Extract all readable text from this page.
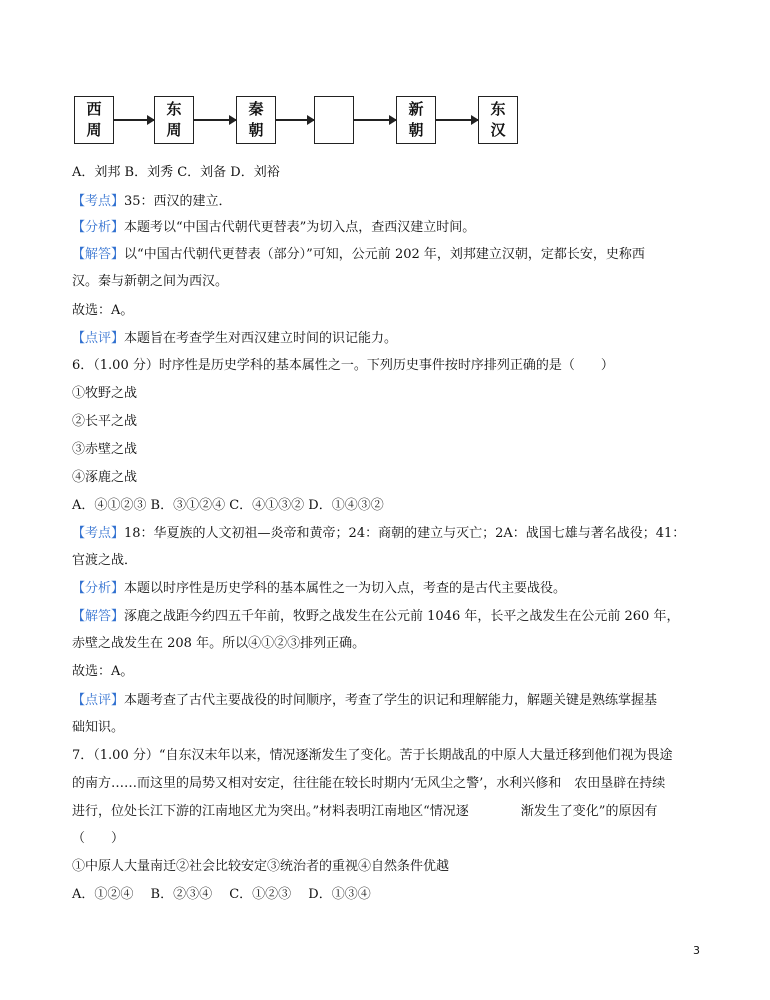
西
周
东
周
秦
朝
新
朝
东
汉
A．刘邦 B．刘秀 C．刘备 D．刘裕
【考点】35：西汉的建立．
【分析】本题考以“中国古代朝代更替表”为切入点，查西汉建立时间。
【解答】以“中国古代朝代更替表（部分）”可知，公元前 202 年，刘邦建立汉朝，定都长安，史称西
汉。秦与新朝之间为西汉。
故选：A。
【点评】本题旨在考查学生对西汉建立时间的识记能力。
6．（1.00 分）时序性是历史学科的基本属性之一。下列历史事件按时序排列正确的是（　　）
①牧野之战
②长平之战
③赤壁之战
④涿鹿之战
A．④①②③ B．③①②④ C．④①③② D．①④③②
【考点】18：华夏族的人文初祖—炎帝和黄帝；24：商朝的建立与灭亡；2A：战国七雄与著名战役；41：
官渡之战．
【分析】本题以时序性是历史学科的基本属性之一为切入点，考查的是古代主要战役。
【解答】涿鹿之战距今约四五千年前，牧野之战发生在公元前 1046 年，长平之战发生在公元前 260 年，
赤壁之战发生在 208 年。所以④①②③排列正确。
故选：A。
【点评】本题考查了古代主要战役的时间顺序，考查了学生的识记和理解能力，解题关键是熟练掌握基
础知识。
7．（1.00 分）“自东汉末年以来，情况逐渐发生了变化。苦于长期战乱的中原人大量迁移到他们视为畏途
的南方……而这里的局势又相对安定，往往能在较长时期内‘无风尘之警’，水利兴修和　农田垦辟在持续
进行，位处长江下游的江南地区尤为突出。”材料表明江南地区“情况逐　　　　渐发生了变化”的原因有
（　　）
①中原人大量南迁②社会比较安定③统治者的重视④自然条件优越
A．①②④　 B．②③④　 C．①②③　 D．①③④
3
